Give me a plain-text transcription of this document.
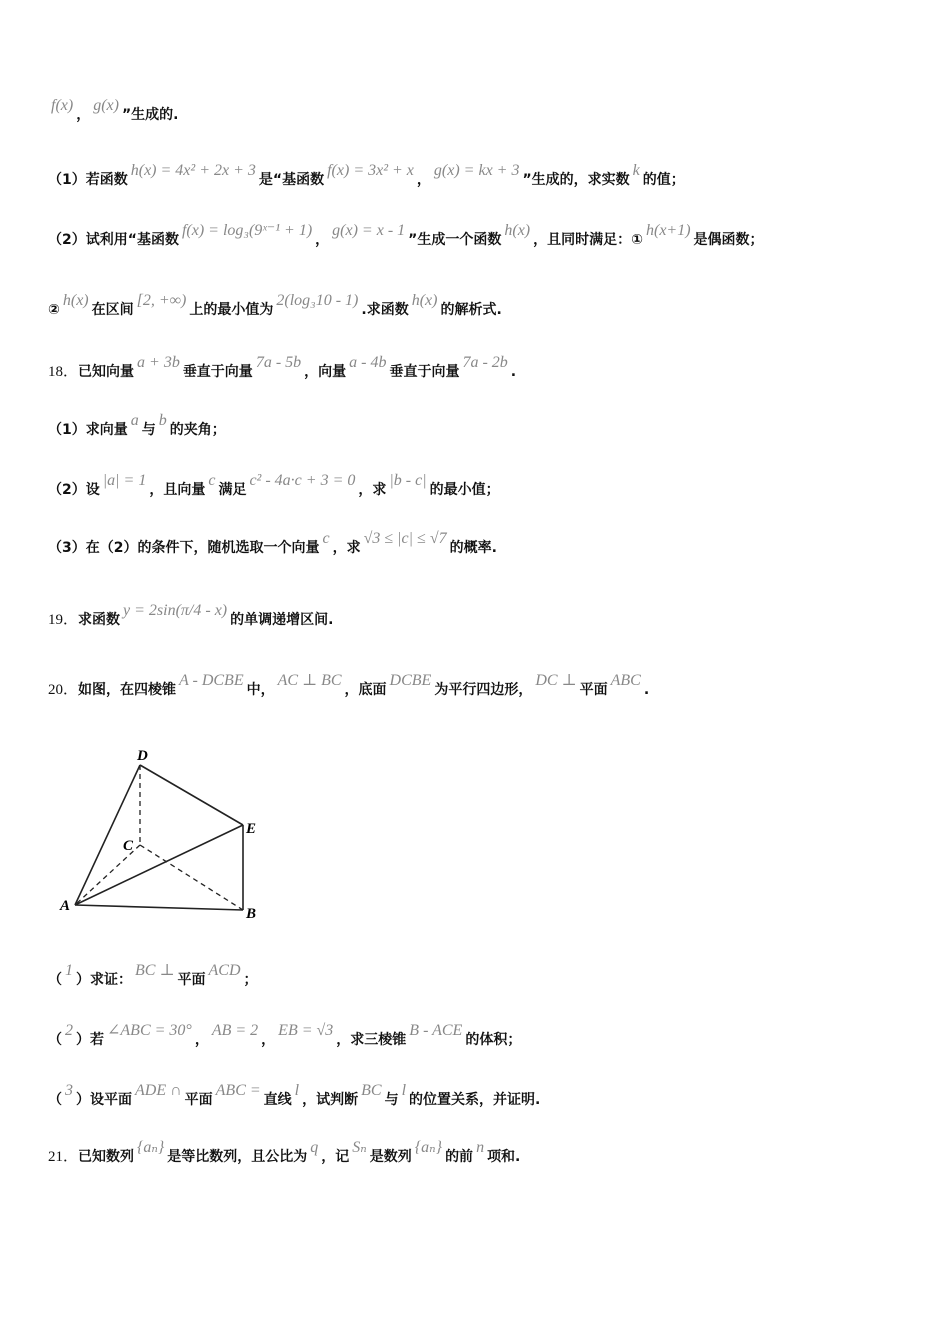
f(x)，g(x)”生成的.
（1）若函数h(x) = 4x² + 2x + 3是“基函数f(x) = 3x² + x，g(x) = kx + 3”生成的，求实数k的值；
（2）试利用“基函数f(x) = log₃(9ˣ⁻¹ + 1)，g(x) = x - 1”生成一个函数h(x)，且同时满足：①h(x+1)是偶函数；
②h(x)在区间[2, +∞)上的最小值为2(log₃10 - 1).求函数h(x)的解析式.
18．已知向量a + 3b垂直于向量7a - 5b，向量a - 4b垂直于向量7a - 2b.
（1）求向量a与b的夹角；
（2）设|a| = 1，且向量c满足c² - 4a·c + 3 = 0，求|b - c|的最小值；
（3）在（2）的条件下，随机选取一个向量c，求√3 ≤ |c| ≤ √7的概率.
19．求函数y = 2sin(π/4 - x)的单调递增区间.
20．如图，在四棱锥A - DCBE中，AC ⊥ BC，底面DCBE为平行四边形，DC ⊥平面ABC.
（1）求证：BC ⊥平面ACD；
（2）若∠ABC = 30°，AB = 2，EB = √3，求三棱锥B - ACE的体积；
（3）设平面ADE ∩平面ABC =直线l，试判断BC与l的位置关系，并证明.
21．已知数列{aₙ}是等比数列，且公比为q，记Sₙ是数列{aₙ}的前n项和.
D
C
E
A	B
